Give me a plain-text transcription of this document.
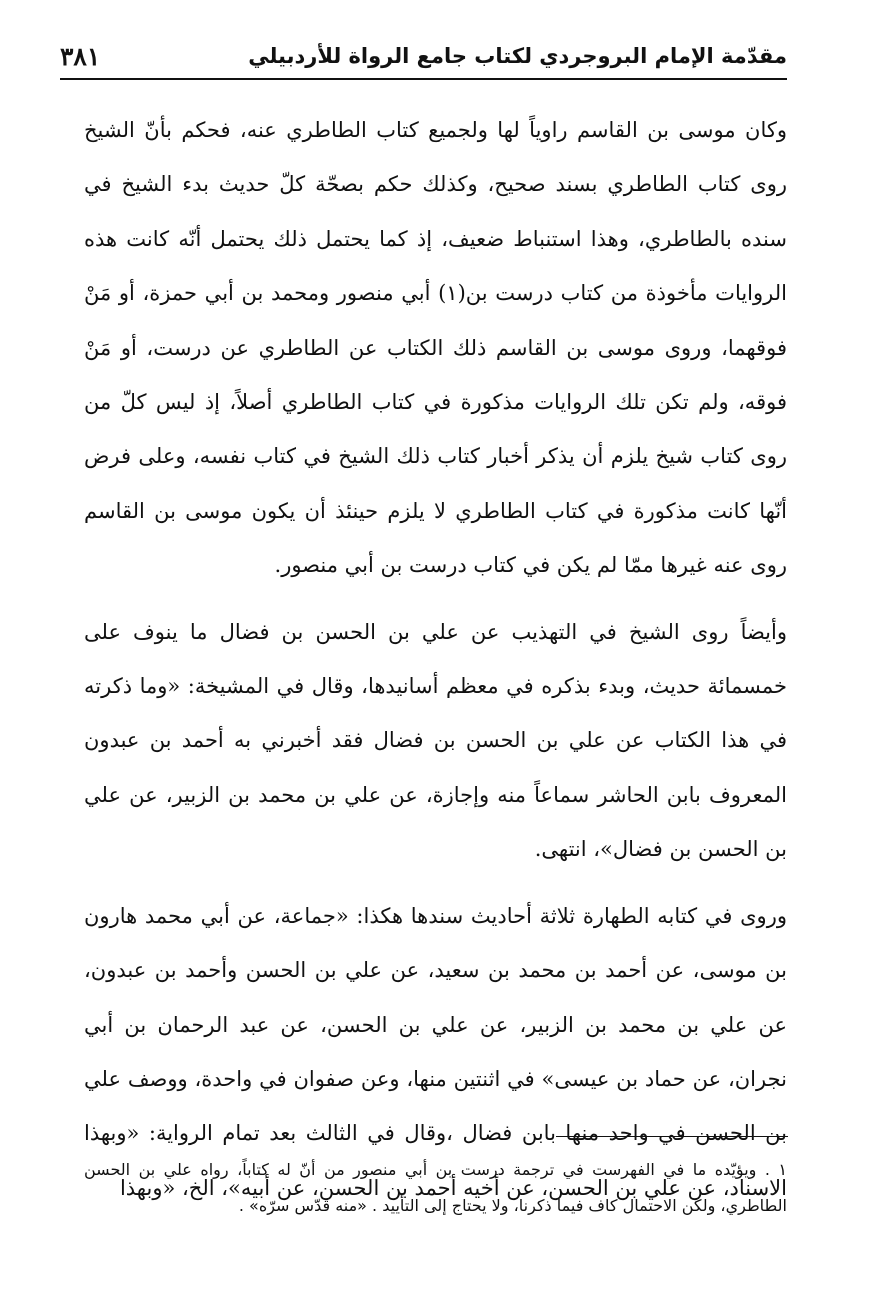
٣٨١	مقدّمة الإمام البروجردي لكتاب جامع الرواة للأردبيلي

وكان موسى بن القاسم راوياً لها ولجميع كتاب الطاطري عنه، فحكم بأنّ الشيخ روى كتاب الطاطري بسند صحيح، وكذلك حكم بصحّة كلّ حديث بدء الشيخ في سنده بالطاطري، وهذا استنباط ضعيف، إذ كما يحتمل ذلك يحتمل أنّه كانت هذه الروايات مأخوذة من كتاب درست بن(١) أبي منصور ومحمد بن أبي حمزة، أو مَنْ فوقهما، وروى موسى بن القاسم ذلك الكتاب عن الطاطري عن درست، أو مَنْ فوقه، ولم تكن تلك الروايات مذكورة في كتاب الطاطري أصلاً، إذ ليس كلّ من روى كتاب شيخ يلزم أن يذكر أخبار كتاب ذلك الشيخ في كتاب نفسه، وعلى فرض أنّها كانت مذكورة في كتاب الطاطري لا يلزم حينئذ أن يكون موسى بن القاسم روى عنه غيرها ممّا لم يكن في كتاب درست بن أبي منصور.

وأيضاً روى الشيخ في التهذيب عن علي بن الحسن بن فضال ما ينوف على خمسمائة حديث، وبدء بذكره في معظم أسانيدها، وقال في المشيخة: «وما ذكرته في هذا الكتاب عن علي بن الحسن بن فضال فقد أخبرني به أحمد بن عبدون المعروف بابن الحاشر سماعاً منه وإجازة، عن علي بن محمد بن الزبير، عن علي بن الحسن بن فضال»، انتهى.

وروى في كتابه الطهارة ثلاثة أحاديث سندها هكذا: «جماعة، عن أبي محمد هارون بن موسى، عن أحمد بن محمد بن سعيد، عن علي بن الحسن وأحمد بن عبدون، عن علي بن محمد بن الزبير، عن علي بن الحسن، عن عبد الرحمان بن أبي نجران، عن حماد بن عيسى» في اثنتين منها، وعن صفوان في واحدة، ووصف علي بن الحسن في واحد منها بابن فضال ،وقال في الثالث بعد تمام الرواية: «وبهذا الاسناد، عن علي بن الحسن، عن أخيه أحمد بن الحسن، عن أبيه»، الخ، «وبهذا

١ . ويؤيّده ما في الفهرست في ترجمة درست بن أبي منصور من أنّ له كتاباً، رواه علي بن الحسن الطاطري، ولكن الاحتمال كاف فيما ذكرنا، ولا يحتاج إلى التأييد . «منه قدّس سرّه» .
